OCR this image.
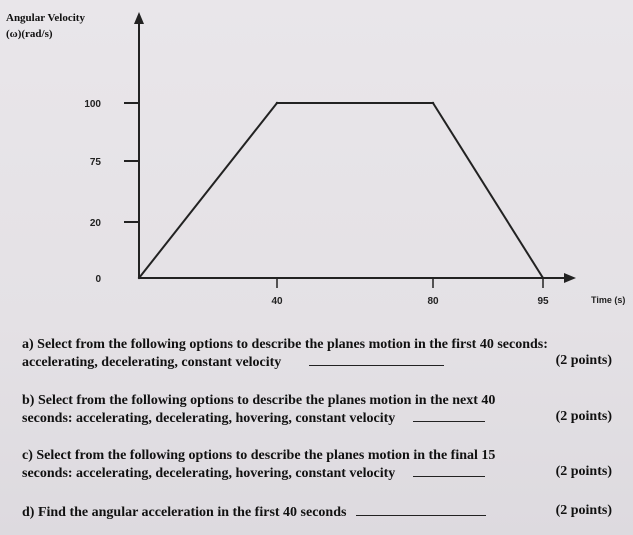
Angular Velocity
(ω)(rad/s)
0
20
75
100
40	80	95	Time (s)
a) Select from the following options to describe the planes motion in the first 40 seconds:
accelerating, decelerating, constant velocity	(2 points)
b) Select from the following options to describe the planes motion in the next 40
seconds: accelerating, decelerating, hovering, constant velocity	(2 points)
c) Select from the following options to describe the planes motion in the final 15
seconds: accelerating, decelerating, hovering, constant velocity	(2 points)
d) Find the angular acceleration in the first 40 seconds	(2 points)
